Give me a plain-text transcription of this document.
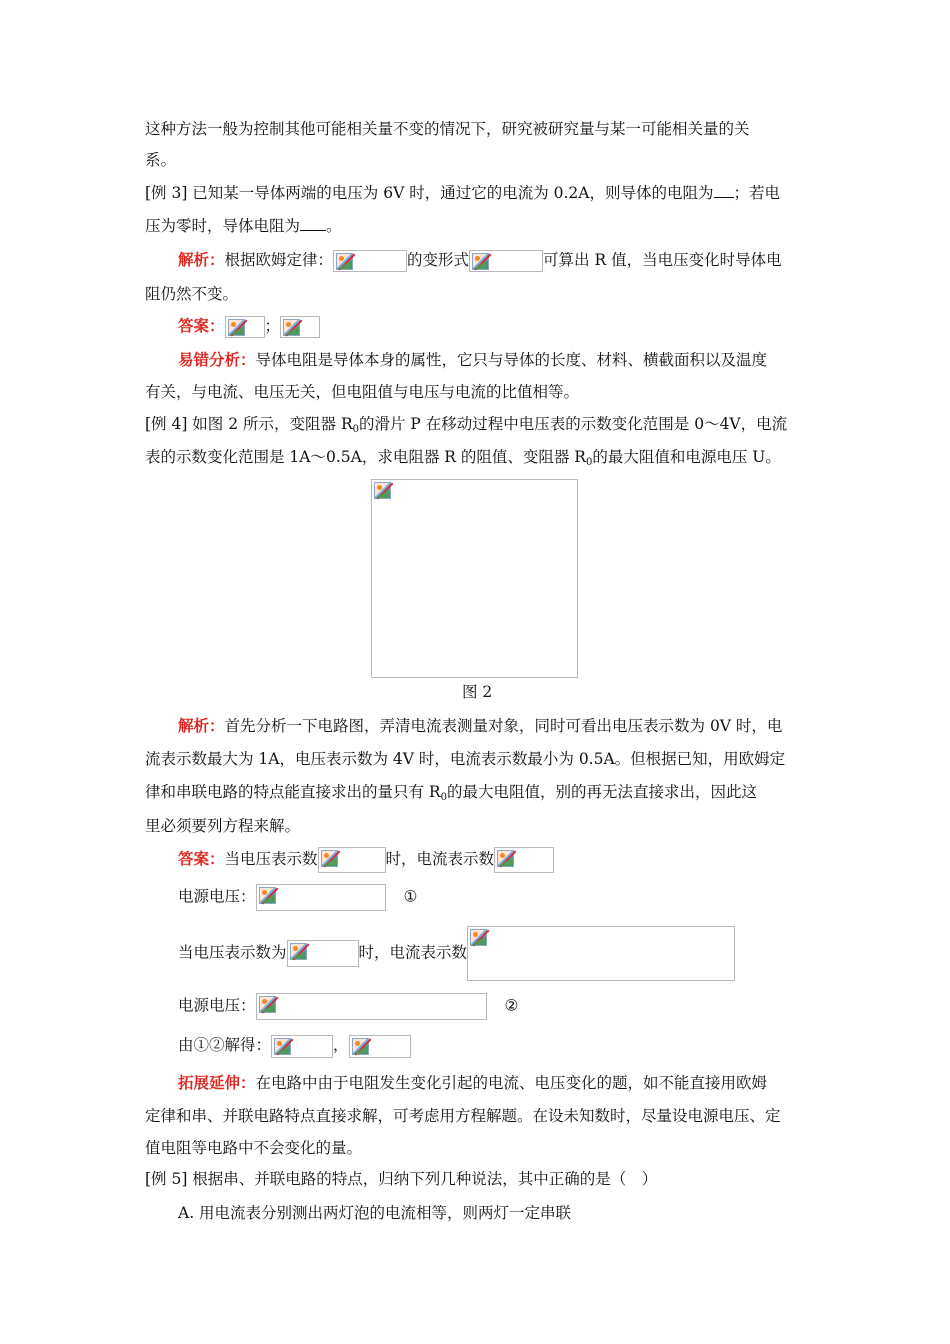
这种方法一般为控制其他可能相关量不变的情况下，研究被研究量与某一可能相关量的关
系。
[例 3] 已知某一导体两端的电压为 6V 时，通过它的电流为 0.2A，则导体的电阻为 ；若电
压为零时，导体电阻为 。
解析：根据欧姆定律：	的变形式	可算出 R 值，当电压变化时导体电
阻仍然不变。
答案：	；
易错分析：导体电阻是导体本身的属性，它只与导体的长度、材料、横截面积以及温度
有关，与电流、电压无关，但电阻值与电压与电流的比值相等。
[例 4] 如图 2 所示，变阻器 $R_0$的滑片 P 在移动过程中电压表的示数变化范围是 0～4V，电流
表的示数变化范围是 1A～0.5A，求电阻器 R 的阻值、变阻器 $R_0$的最大阻值和电源电压 U。
图 2
解析：首先分析一下电路图，弄清电流表测量对象，同时可看出电压表示数为 0V 时，电
流表示数最大为 1A，电压表示数为 4V 时，电流表示数最小为 0.5A。但根据已知，用欧姆定
律和串联电路的特点能直接求出的量只有 $R_0$的最大电阻值，别的再无法直接求出，因此这
里必须要列方程来解。
答案：当电压表示数	时，电流表示数
电源电压：	①
当电压表示数为	时，电流表示数
电源电压：	②
由①②解得：	，
拓展延伸：在电路中由于电阻发生变化引起的电流、电压变化的题，如不能直接用欧姆
定律和串、并联电路特点直接求解，可考虑用方程解题。在设未知数时，尽量设电源电压、定
值电阻等电路中不会变化的量。
[例 5] 根据串、并联电路的特点，归纳下列几种说法，其中正确的是（　）
A. 用电流表分别测出两灯泡的电流相等，则两灯一定串联
